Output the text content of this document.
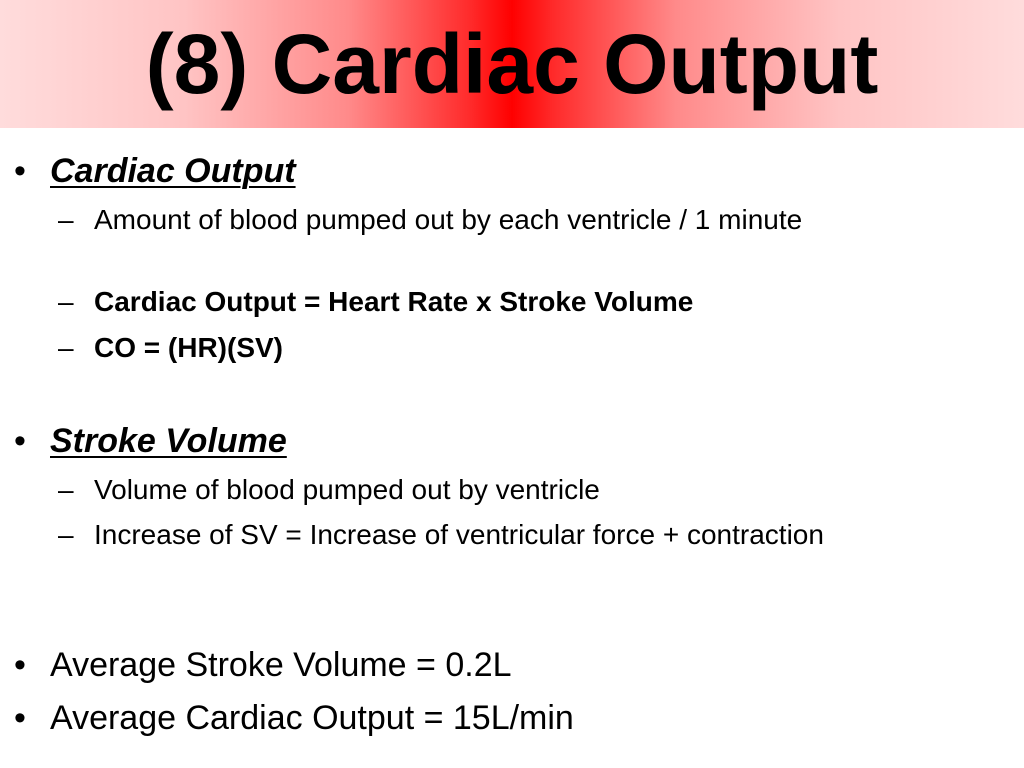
(8) Cardiac Output
• Cardiac Output
– Amount of blood pumped out by each ventricle / 1 minute
– Cardiac Output = Heart Rate x Stroke Volume
– CO = (HR)(SV)
• Stroke Volume
– Volume of blood pumped out by ventricle
– Increase of SV = Increase of ventricular force + contraction
• Average Stroke Volume = 0.2L
• Average Cardiac Output = 15L/min
